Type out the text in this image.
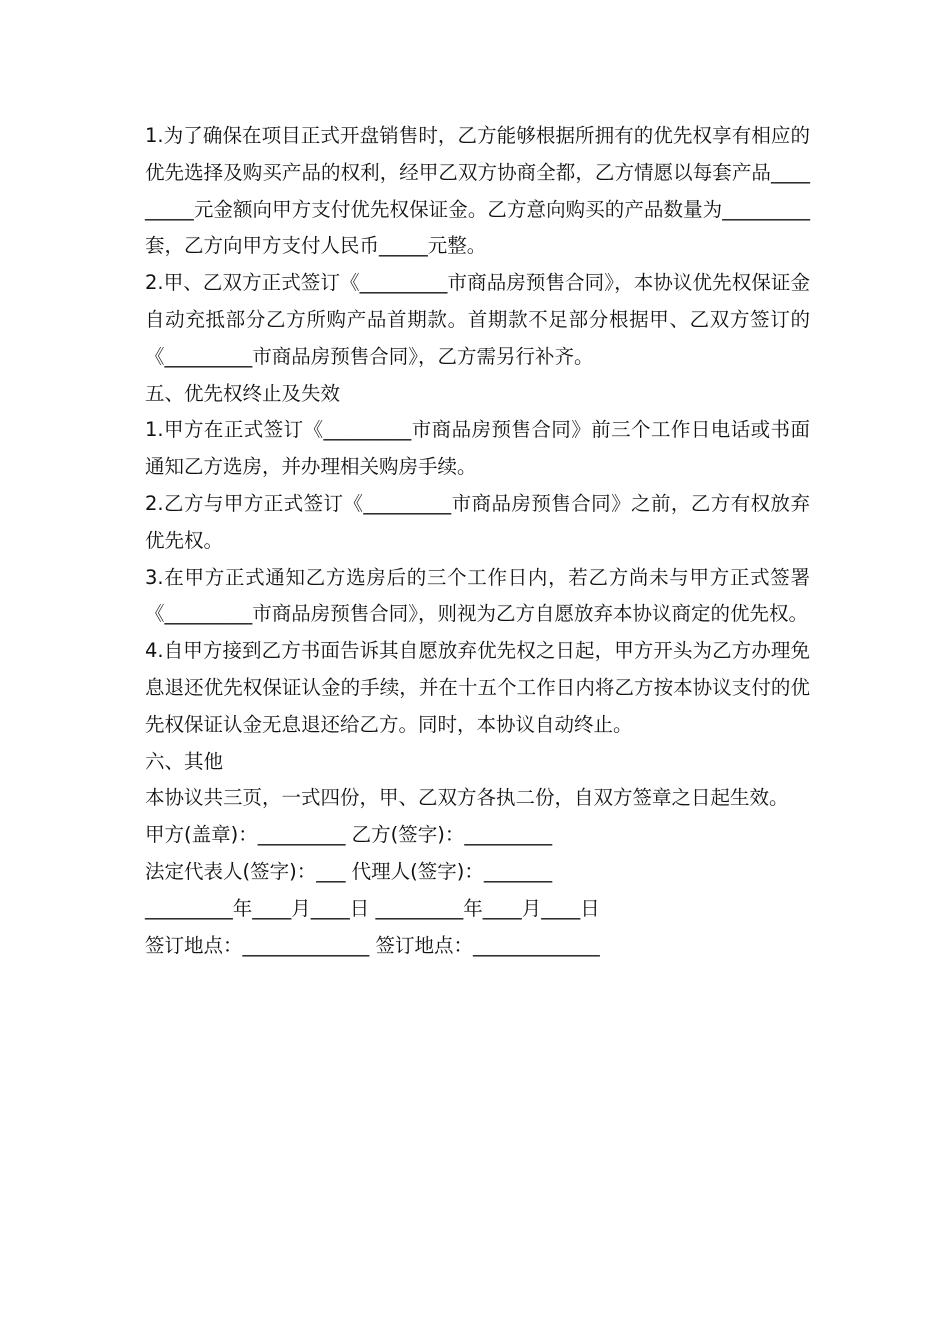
1.为了确保在项目正式开盘销售时，乙方能够根据所拥有的优先权享有相应的优先选择及购买产品的权利，经甲乙双方协商全都，乙方情愿以每套产品_________元金额向甲方支付优先权保证金。乙方意向购买的产品数量为_________套，乙方向甲方支付人民币_____元整。

2.甲、乙双方正式签订《_________市商品房预售合同》，本协议优先权保证金自动充抵部分乙方所购产品首期款。首期款不足部分根据甲、乙双方签订的《_________市商品房预售合同》，乙方需另行补齐。

五、优先权终止及失效

1.甲方在正式签订《_________市商品房预售合同》前三个工作日电话或书面通知乙方选房，并办理相关购房手续。

2.乙方与甲方正式签订《_________市商品房预售合同》之前，乙方有权放弃优先权。

3.在甲方正式通知乙方选房后的三个工作日内，若乙方尚未与甲方正式签署《_________市商品房预售合同》，则视为乙方自愿放弃本协议商定的优先权。

4.自甲方接到乙方书面告诉其自愿放弃优先权之日起，甲方开头为乙方办理免息退还优先权保证认金的手续，并在十五个工作日内将乙方按本协议支付的优先权保证认金无息退还给乙方。同时，本协议自动终止。

六、其他

本协议共三页，一式四份，甲、乙双方各执二份，自双方签章之日起生效。

甲方(盖章)：_________ 乙方(签字)：_________

法定代表人(签字)：___ 代理人(签字)：_______

_________年____月____日 _________年____月____日

签订地点：_____________ 签订地点：_____________
